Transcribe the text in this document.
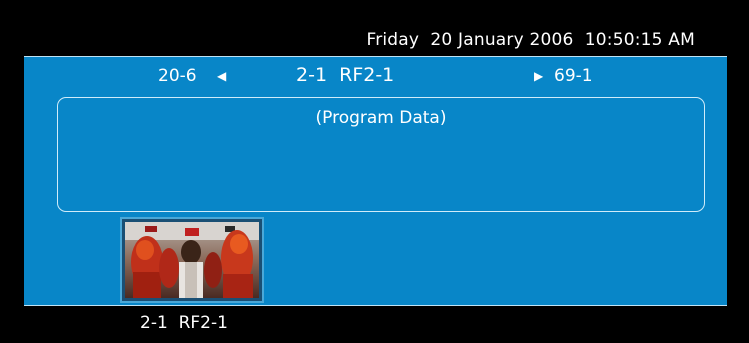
Friday  20 January 2006  10:50:15 AM
20-6 ◀	2-1  RF2-1	▶ 69-1
(Program Data)
2-1  RF2-1
